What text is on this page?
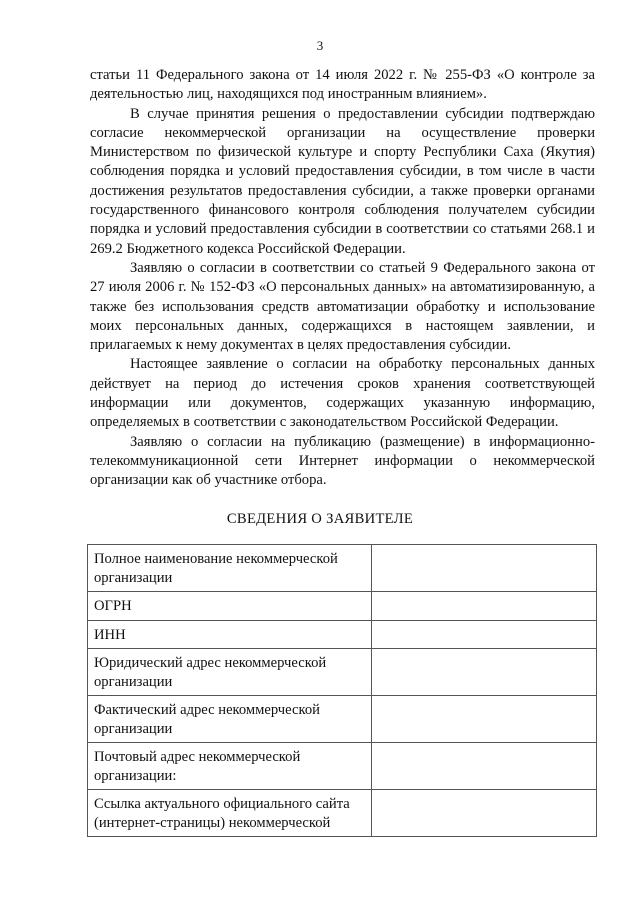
3

статьи 11 Федерального закона от 14 июля 2022 г. № 255-ФЗ «О контроле за деятельностью лиц, находящихся под иностранным влиянием».

В случае принятия решения о предоставлении субсидии подтверждаю согласие некоммерческой организации на осуществление проверки Министерством по физической культуре и спорту Республики Саха (Якутия) соблюдения порядка и условий предоставления субсидии, в том числе в части достижения результатов предоставления субсидии, а также проверки органами государственного финансового контроля соблюдения получателем субсидии порядка и условий предоставления субсидии в соответствии со статьями 268.1 и 269.2 Бюджетного кодекса Российской Федерации.

Заявляю о согласии в соответствии со статьей 9 Федерального закона от 27 июля 2006 г. № 152-ФЗ «О персональных данных» на автоматизированную, а также без использования средств автоматизации обработку и использование моих персональных данных, содержащихся в настоящем заявлении, и прилагаемых к нему документах в целях предоставления субсидии.

Настоящее заявление о согласии на обработку персональных данных действует на период до истечения сроков хранения соответствующей информации или документов, содержащих указанную информацию, определяемых в соответствии с законодательством Российской Федерации.

Заявляю о согласии на публикацию (размещение) в информационно-телекоммуникационной сети Интернет информации о некоммерческой организации как об участнике отбора.

СВЕДЕНИЯ О ЗАЯВИТЕЛЕ
Полное наименование некоммерческой организации	
ОГРН	
ИНН	
Юридический адрес некоммерческой организации	
Фактический адрес некоммерческой организации	
Почтовый адрес некоммерческой организации:	
Ссылка актуального официального сайта (интернет-страницы) некоммерческой	
